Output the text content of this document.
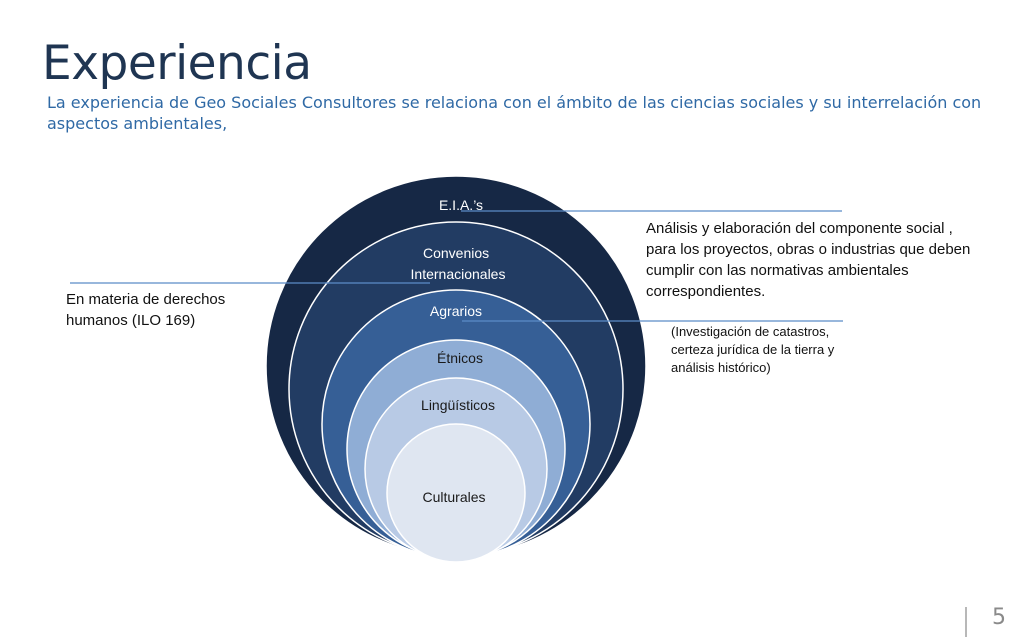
Experiencia
La experiencia de Geo Sociales Consultores se relaciona con el ámbito de las ciencias sociales y su interrelación con aspectos ambientales,
E.I.A.’s
Convenios Internacionales
Agrarios
Étnicos
Lingüísticos
Culturales
En materia de derechos humanos (ILO 169)
Análisis y elaboración del componente social , para los proyectos, obras o industrias que deben cumplir con las normativas ambientales correspondientes.
(Investigación de catastros, certeza jurídica de la tierra y análisis histórico)
5
